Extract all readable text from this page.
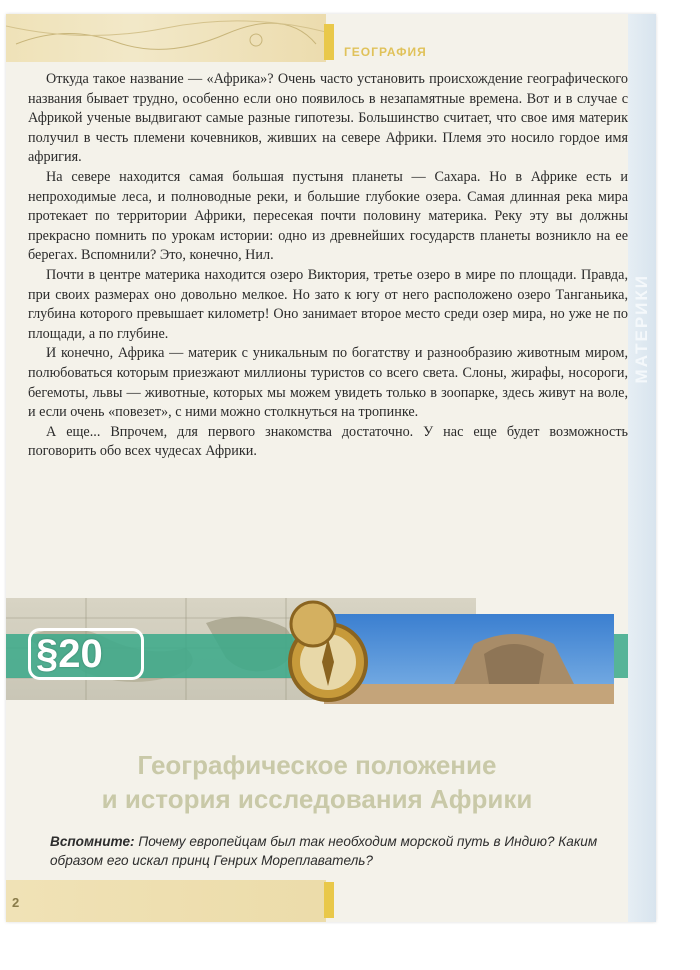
ГЕОГРАФИЯ
МАТЕРИКИ

Откуда такое название — «Африка»? Очень часто установить происхождение географического названия бывает трудно, особенно если оно появилось в незапамятные времена. Вот и в случае с Африкой ученые выдвигают самые разные гипотезы. Большинство считает, что свое имя материк получил в честь племени кочевников, живших на севере Африки. Племя это носило гордое имя афригия.

На севере находится самая большая пустыня планеты — Сахара. Но в Африке есть и непроходимые леса, и полноводные реки, и большие глубокие озера. Самая длинная река мира протекает по территории Африки, пересекая почти половину материка. Реку эту вы должны прекрасно помнить по урокам истории: одно из древнейших государств планеты возникло на ее берегах. Вспомнили? Это, конечно, Нил.

Почти в центре материка находится озеро Виктория, третье озеро в мире по площади. Правда, при своих размерах оно довольно мелкое. Но зато к югу от него расположено озеро Танганьика, глубина которого превышает километр! Оно занимает второе место среди озер мира, но уже не по площади, а по глубине.

И конечно, Африка — материк с уникальным по богатству и разнообразию животным миром, полюбоваться которым приезжают миллионы туристов со всего света. Слоны, жирафы, носороги, бегемоты, львы — животные, которых мы можем увидеть только в зоопарке, здесь живут на воле, и если очень «повезет», с ними можно столкнуться на тропинке.

А еще... Впрочем, для первого знакомства достаточно. У нас еще будет возможность поговорить обо всех чудесах Африки.

§20
Географическое положение
и история исследования Африки
Вспомните: Почему европейцам был так необходим морской путь в Индию? Каким образом его искал принц Генрих Мореплаватель?
2
